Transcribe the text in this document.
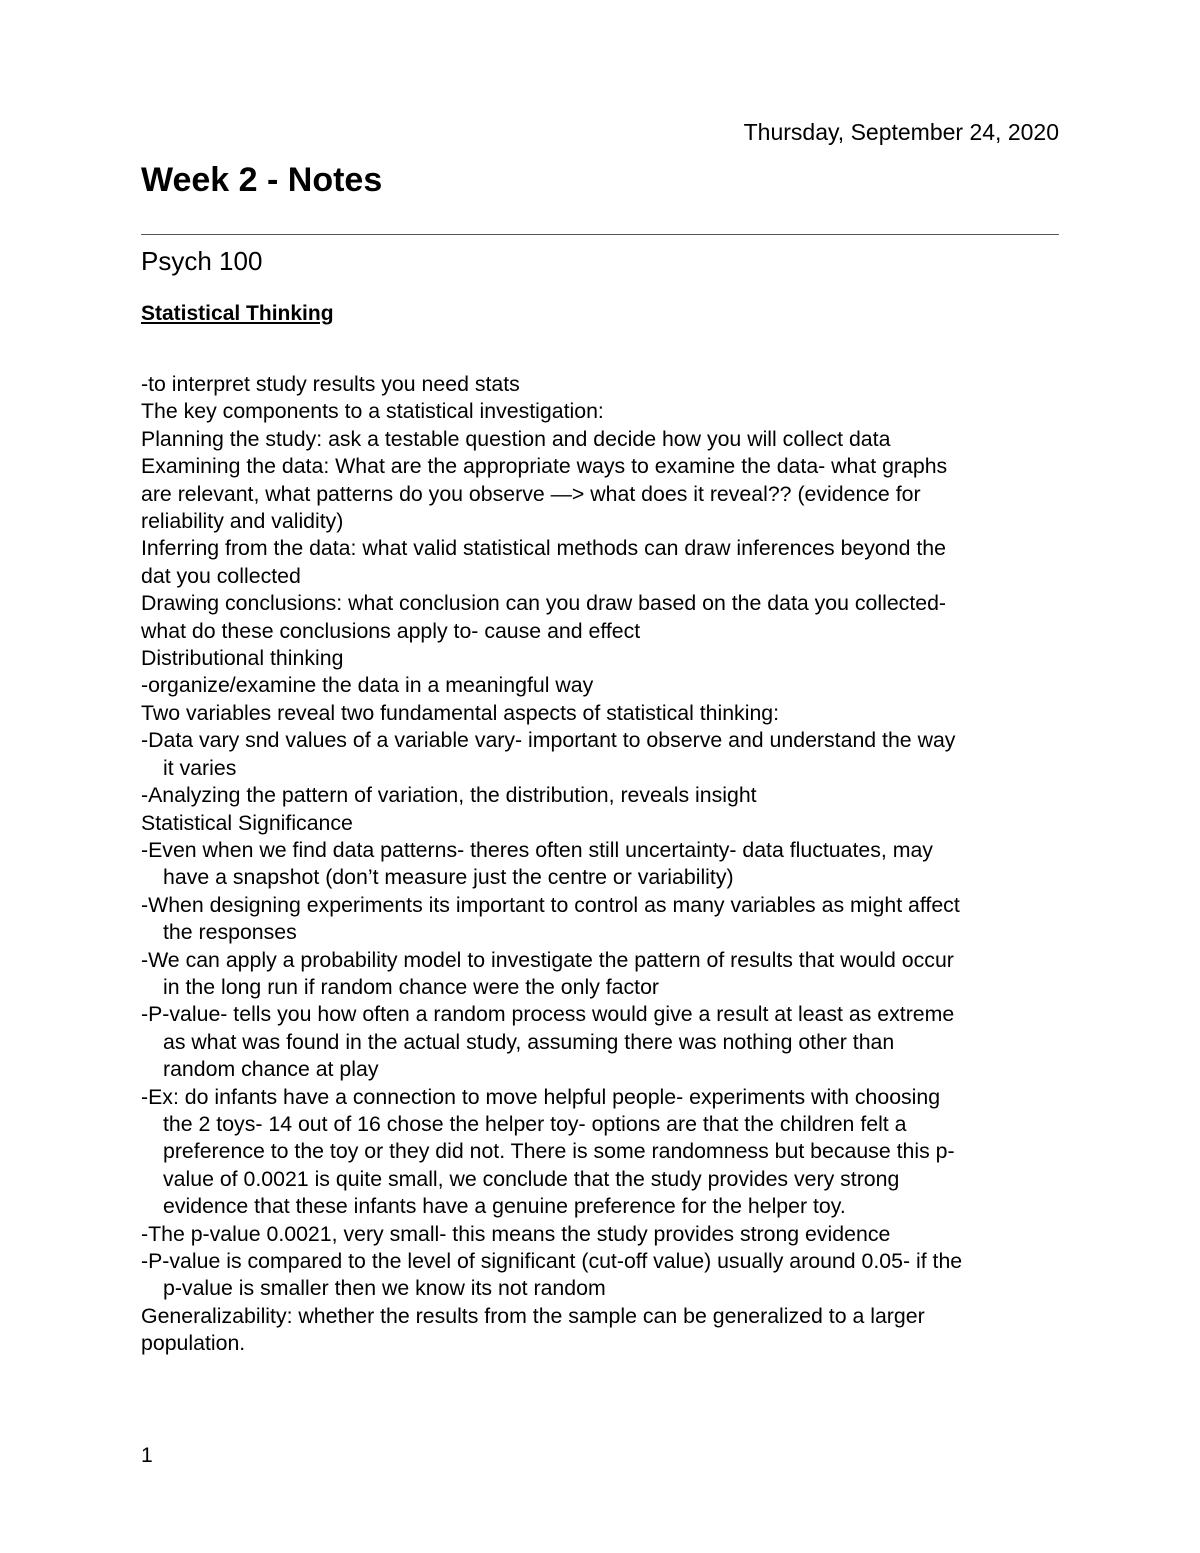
Thursday, September 24, 2020
Week 2 - Notes
Psych 100
Statistical Thinking
-to interpret study results you need stats
The key components to a statistical investigation:
Planning the study: ask a testable question and decide how you will collect data
Examining the data: What are the appropriate ways to examine the data- what graphs
are relevant, what patterns do you observe —> what does it reveal?? (evidence for
reliability and validity)
Inferring from the data: what valid statistical methods can draw inferences beyond the
dat you collected
Drawing conclusions: what conclusion can you draw based on the data you collected-
what do these conclusions apply to- cause and effect
Distributional thinking
-organize/examine the data in a meaningful way
Two variables reveal two fundamental aspects of statistical thinking:
-Data vary snd values of a variable vary- important to observe and understand the way
it varies
-Analyzing the pattern of variation, the distribution, reveals insight
Statistical Significance
-Even when we find data patterns- theres often still uncertainty- data fluctuates, may
have a snapshot (don’t measure just the centre or variability)
-When designing experiments its important to control as many variables as might affect
the responses
-We can apply a probability model to investigate the pattern of results that would occur
in the long run if random chance were the only factor
-P-value- tells you how often a random process would give a result at least as extreme
as what was found in the actual study, assuming there was nothing other than
random chance at play
-Ex: do infants have a connection to move helpful people- experiments with choosing
the 2 toys- 14 out of 16 chose the helper toy- options are that the children felt a
preference to the toy or they did not. There is some randomness but because this p-
value of 0.0021 is quite small, we conclude that the study provides very strong
evidence that these infants have a genuine preference for the helper toy.
-The p-value 0.0021, very small- this means the study provides strong evidence
-P-value is compared to the level of significant (cut-off value) usually around 0.05- if the
p-value is smaller then we know its not random
Generalizability: whether the results from the sample can be generalized to a larger
population.
1
